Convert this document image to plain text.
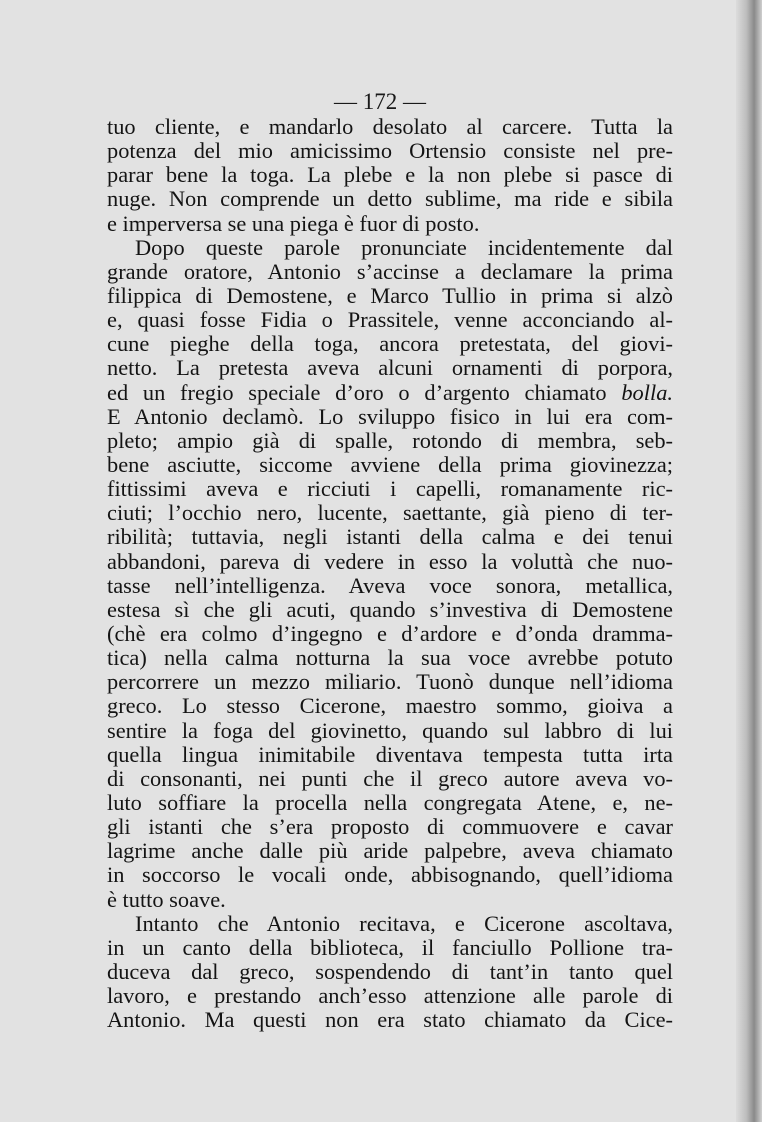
— 172 —
tuo cliente, e mandarlo desolato al carcere. Tutta la
potenza del mio amicissimo Ortensio consiste nel pre-
parar bene la toga. La plebe e la non plebe si pasce di
nuge. Non comprende un detto sublime, ma ride e sibila
e imperversa se una piega è fuor di posto.
Dopo queste parole pronunciate incidentemente dal
grande oratore, Antonio s’accinse a declamare la prima
filippica di Demostene, e Marco Tullio in prima si alzò
e, quasi fosse Fidia o Prassitele, venne acconciando al-
cune pieghe della toga, ancora pretestata, del giovi-
netto. La pretesta aveva alcuni ornamenti di porpora,
ed un fregio speciale d’oro o d’argento chiamato bolla.
E Antonio declamò. Lo sviluppo fisico in lui era com-
pleto; ampio già di spalle, rotondo di membra, seb-
bene asciutte, siccome avviene della prima giovinezza;
fittissimi aveva e ricciuti i capelli, romanamente ric-
ciuti; l’occhio nero, lucente, saettante, già pieno di ter-
ribilità; tuttavia, negli istanti della calma e dei tenui
abbandoni, pareva di vedere in esso la voluttà che nuo-
tasse nell’intelligenza. Aveva voce sonora, metallica,
estesa sì che gli acuti, quando s’investiva di Demostene
(chè era colmo d’ingegno e d’ardore e d’onda dramma-
tica) nella calma notturna la sua voce avrebbe potuto
percorrere un mezzo miliario. Tuonò dunque nell’idioma
greco. Lo stesso Cicerone, maestro sommo, gioiva a
sentire la foga del giovinetto, quando sul labbro di lui
quella lingua inimitabile diventava tempesta tutta irta
di consonanti, nei punti che il greco autore aveva vo-
luto soffiare la procella nella congregata Atene, e, ne-
gli istanti che s’era proposto di commuovere e cavar
lagrime anche dalle più aride palpebre, aveva chiamato
in soccorso le vocali onde, abbisognando, quell’idioma
è tutto soave.
Intanto che Antonio recitava, e Cicerone ascoltava,
in un canto della biblioteca, il fanciullo Pollione tra-
duceva dal greco, sospendendo di tant’in tanto quel
lavoro, e prestando anch’esso attenzione alle parole di
Antonio. Ma questi non era stato chiamato da Cice-
